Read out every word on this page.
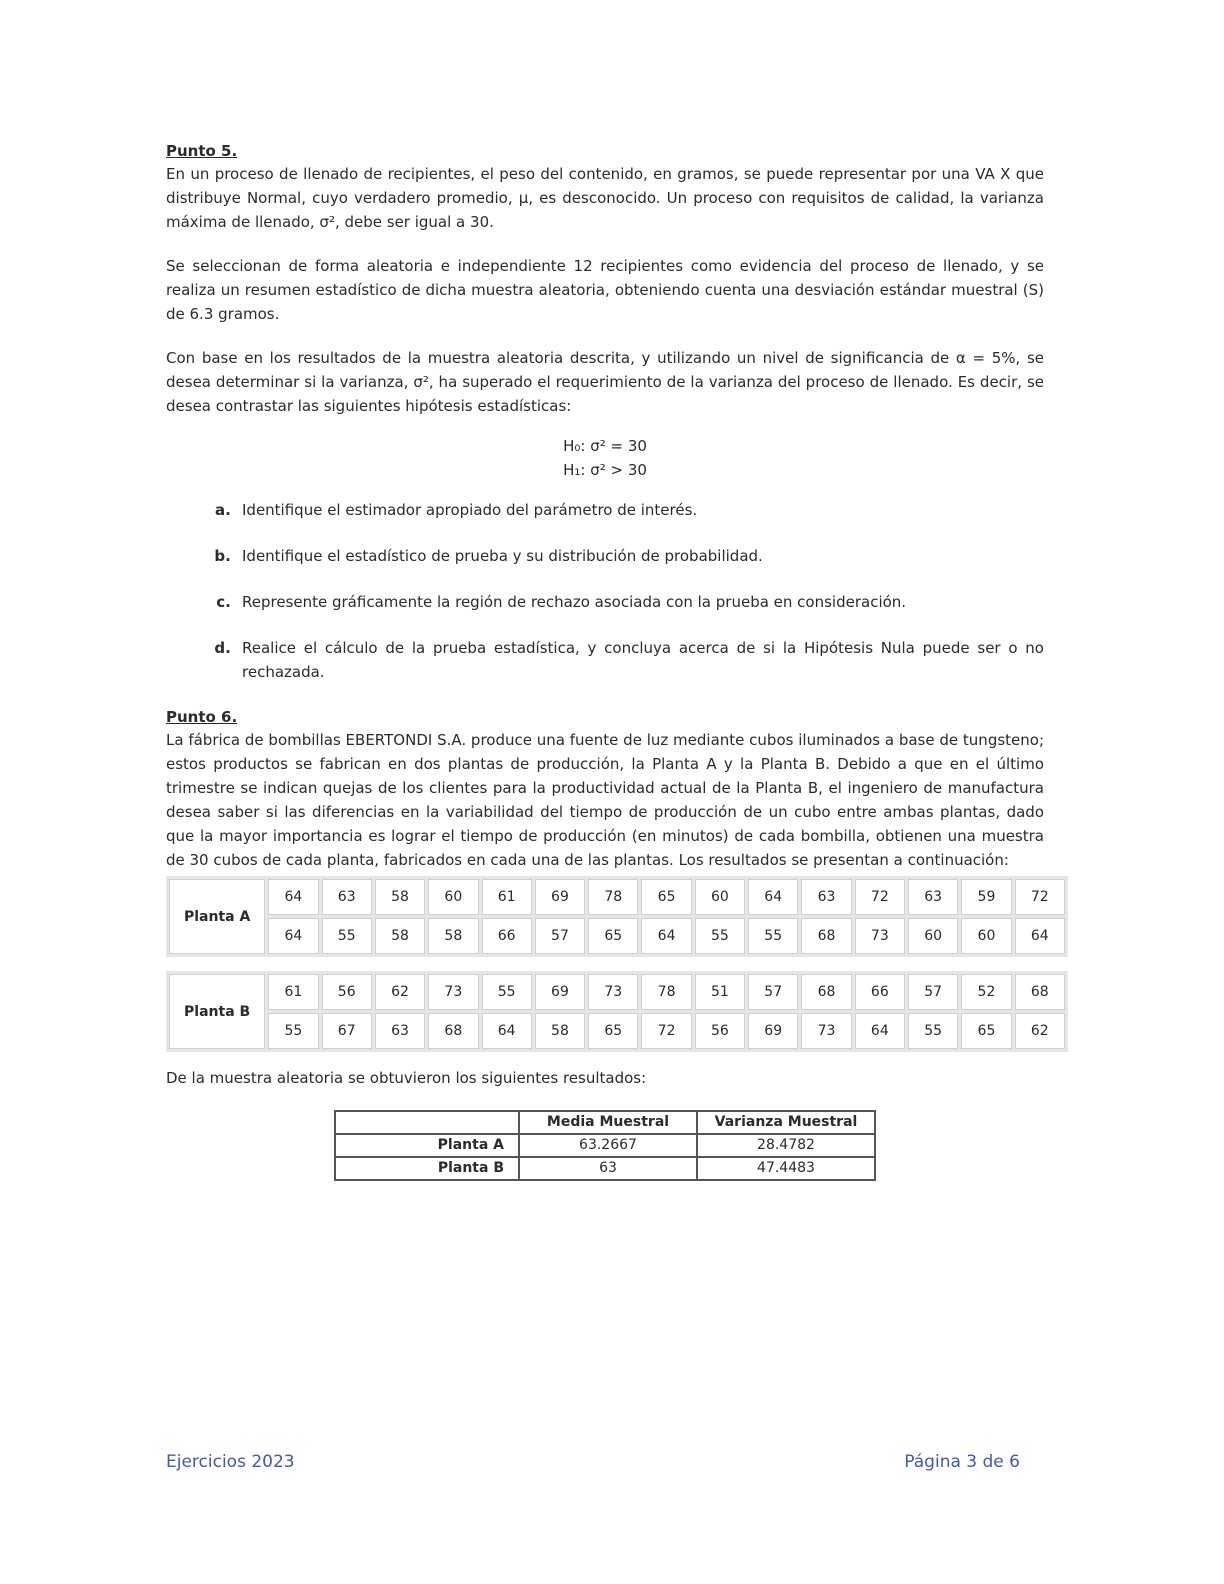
Punto 5.

En un proceso de llenado de recipientes, el peso del contenido, en gramos, se puede representar por una VA X que distribuye Normal, cuyo verdadero promedio, μ, es desconocido. Un proceso con requisitos de calidad, la varianza máxima de llenado, σ², debe ser igual a 30.

Se seleccionan de forma aleatoria e independiente 12 recipientes como evidencia del proceso de llenado, y se realiza un resumen estadístico de dicha muestra aleatoria, obteniendo cuenta una desviación estándar muestral (S) de 6.3 gramos.

Con base en los resultados de la muestra aleatoria descrita, y utilizando un nivel de significancia de α = 5%, se desea determinar si la varianza, σ², ha superado el requerimiento de la varianza del proceso de llenado. Es decir, se desea contrastar las siguientes hipótesis estadísticas:

H₀: σ² = 30
H₁: σ² > 30
a. Identifique el estimador apropiado del parámetro de interés.
b. Identifique el estadístico de prueba y su distribución de probabilidad.
c. Represente gráficamente la región de rechazo asociada con la prueba en consideración.
d. Realice el cálculo de la prueba estadística, y concluya acerca de si la Hipótesis Nula puede ser o no rechazada.

Punto 6.

La fábrica de bombillas EBERTONDI S.A. produce una fuente de luz mediante cubos iluminados a base de tungsteno; estos productos se fabrican en dos plantas de producción, la Planta A y la Planta B. Debido a que en el último trimestre se indican quejas de los clientes para la productividad actual de la Planta B, el ingeniero de manufactura desea saber si las diferencias en la variabilidad del tiempo de producción de un cubo entre ambas plantas, dado que la mayor importancia es lograr el tiempo de producción (en minutos) de cada bombilla, obtienen una muestra de 30 cubos de cada planta, fabricados en cada una de las plantas. Los resultados se presentan a continuación:

Planta A	64	63	58	60	61	69	78	65	60	64	63	72	63	59	72
	64	55	58	58	66	57	65	64	55	55	68	73	60	60	64
Planta B	61	56	62	73	55	69	73	78	51	57	68	66	57	52	68
	55	67	63	68	64	58	65	72	56	69	73	64	55	65	62

De la muestra aleatoria se obtuvieron los siguientes resultados:

	Media Muestral	Varianza Muestral
Planta A	63.2667	28.4782
Planta B	63	47.4483
Ejercicios 2023	Página 3 de 6
